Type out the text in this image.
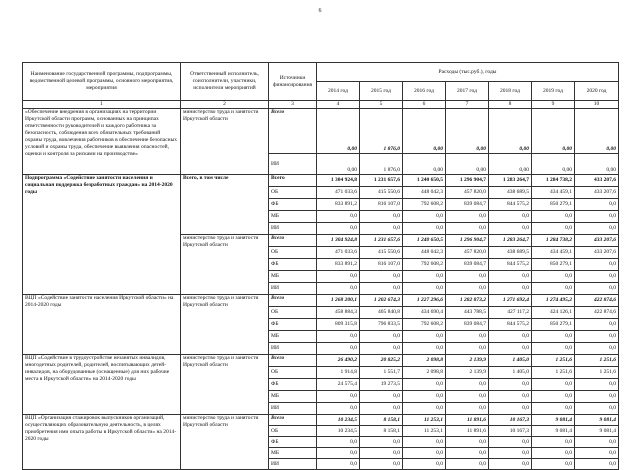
6
Наименование государственной программы, подпрограммы, ведомственной целевой программы, основного мероприятия, мероприятия	Ответственный исполнитель, соисполнители, участники, исполнители мероприятий	Источники финансирования	Расходы (тыс.руб.), годы						
			2014 год	2015 год	2016 год	2017 год	2018 год	2019 год	2020 год
1	2	3	4	5	6	7	8	9	10
«Обеспечение внедрения в организациях на территории Иркутской области программ, основанных на принципах ответственности руководителей и каждого работника за безопасность, соблюдения всех обязательных требований охраны труда, вовлечения работников в обеспечение безопасных условий и охраны труда, обеспечение выявления опасностей, оценки и контроля за рисками на производстве»	министерство труда и занятости Иркутской области	Всего	0,00	1 876,0	0,00	0,00	0,00	0,00	0,00
		ИИ	0,00	1 876,0	0,00	0,00	0,00	0,00	0,00
Подпрограмма «Содействие занятости населения и социальная поддержка безработных граждан» на 2014-2020 годы	Всего, в том числе	Всего	1 304 924,8	1 231 657,6	1 240 650,5	1 296 904,7	1 283 264,7	1 284 738,2	433 207,6
		ОБ	471 033,6	415 550,6	448 042,3	457 820,0	438 689,5	434 459,1	433 207,6
		ФБ	833 891,2	816 107,0	792 608,2	839 084,7	844 575,2	850 279,1	0,0
		МБ	0,0	0,0	0,0	0,0	0,0	0,0	0,0
		ИИ	0,0	0,0	0,0	0,0	0,0	0,0	0,0
	министерство труда и занятости Иркутской области	Всего	1 304 924,8	1 231 657,6	1 240 650,5	1 296 904,7	1 283 264,7	1 284 738,2	433 207,6
		ОБ	471 033,6	415 550,6	448 042,3	457 820,0	438 689,5	434 459,1	433 207,6
		ФБ	833 891,2	816 107,0	792 608,2	839 084,7	844 575,2	850 279,1	0,0
		МБ	0,0	0,0	0,0	0,0	0,0	0,0	0,0
		ИИ	0,0	0,0	0,0	0,0	0,0	0,0	0,0
ВЦП «Содействие занятости населения Иркутской области» на 2014-2020 годы	министерство труда и занятости Иркутской области	Всего	1 268 200,1	1 202 674,3	1 227 296,6	1 282 873,2	1 271 692,4	1 274 495,2	422 874,6
		ОБ	458 884,3	405 840,8	434 690,4	443 788,5	427 117,2	424 126,1	422 874,6
		ФБ	809 315,8	796 833,5	792 608,2	839 084,7	844 575,2	850 279,1	0,0
		МБ	0,0	0,0	0,0	0,0	0,0	0,0	0,0
		ИИ	0,0	0,0	0,0	0,0	0,0	0,0	0,0
ВЦП «Содействие в трудоустройстве незанятых инвалидов, многодетных родителей, родителей, воспитывающих детей-инвалидов, на оборудованные (оснащенные) для них рабочие места в Иркутской области» на 2014-2020 годы	министерство труда и занятости Иркутской области	Всего	26 490,2	20 825,2	2 098,8	2 139,9	1 405,0	1 251,6	1 251,6
		ОБ	1 914,8	1 551,7	2 098,8	2 139,9	1 405,0	1 251,6	1 251,6
		ФБ	24 575,4	19 273,5	0,0	0,0	0,0	0,0	0,0
		МБ	0,0	0,0	0,0	0,0	0,0	0,0	0,0
		ИИ	0,0	0,0	0,0	0,0	0,0	0,0	0,0
ВЦП «Организация стажировок выпускников организаций, осуществляющих образовательную деятельность, в целях приобретения ими опыта работы в Иркутской области» на 2014-2020 годы	министерство труда и занятости Иркутской области	Всего	10 234,5	8 158,1	11 253,1	11 891,6	10 167,3	9 081,4	9 081,4
		ОБ	10 234,5	8 158,1	11 253,1	11 891,6	10 167,3	9 081,4	9 081,4
		ФБ	0,0	0,0	0,0	0,0	0,0	0,0	0,0
		МБ	0,0	0,0	0,0	0,0	0,0	0,0	0,0
		ИИ	0,0	0,0	0,0	0,0	0,0	0,0	0,0
